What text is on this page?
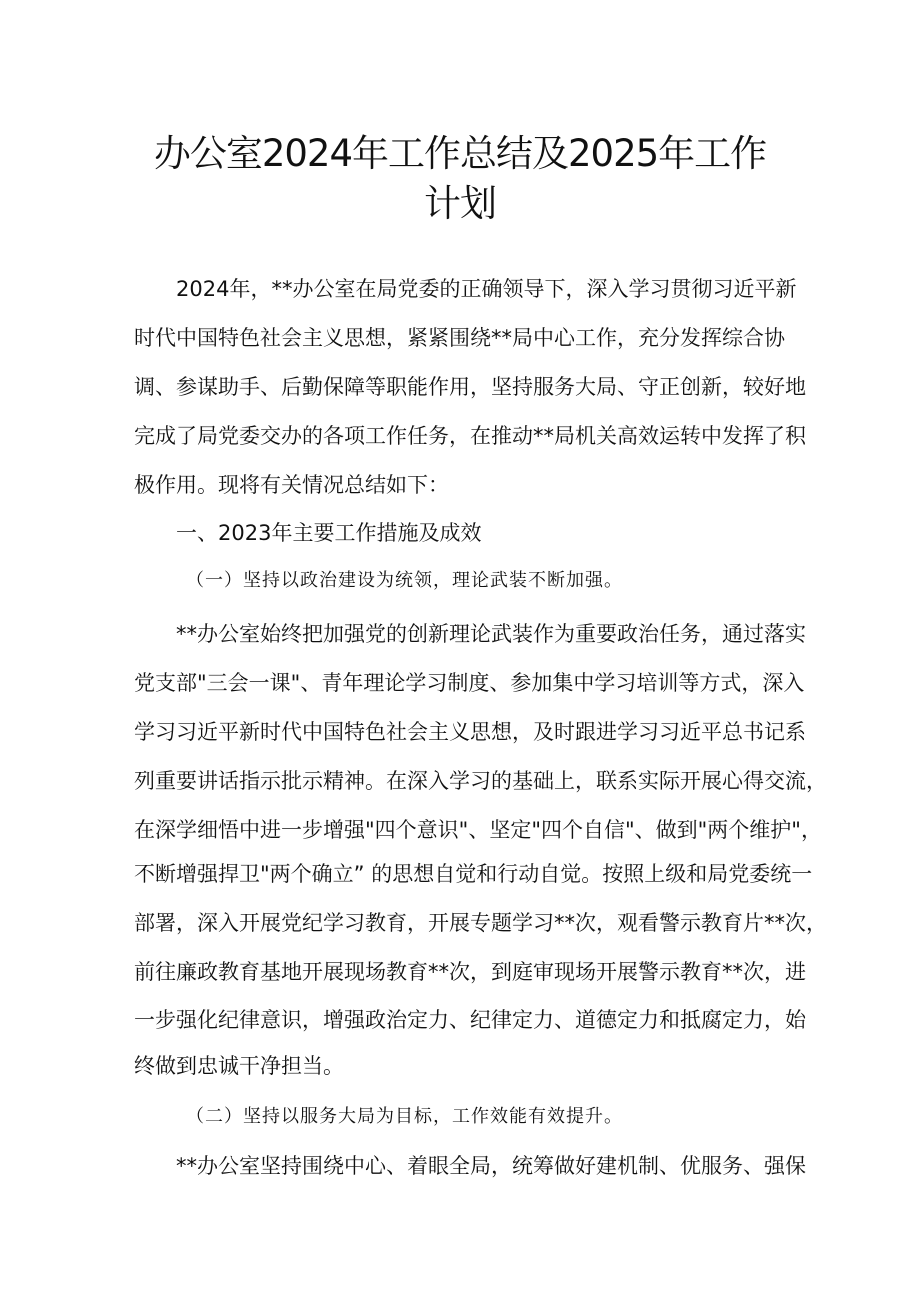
办公室2024年工作总结及2025年工作
计划
2024年，**办公室在局党委的正确领导下，深入学习贯彻习近平新
时代中国特色社会主义思想，紧紧围绕**局中心工作，充分发挥综合协
调、参谋助手、后勤保障等职能作用，坚持服务大局、守正创新，较好地
完成了局党委交办的各项工作任务，在推动**局机关高效运转中发挥了积
极作用。现将有关情况总结如下：
一、2023年主要工作措施及成效
（一）坚持以政治建设为统领，理论武装不断加强。
**办公室始终把加强党的创新理论武装作为重要政治任务，通过落实
党支部"三会一课"、青年理论学习制度、参加集中学习培训等方式，深入
学习习近平新时代中国特色社会主义思想，及时跟进学习习近平总书记系
列重要讲话指示批示精神。在深入学习的基础上，联系实际开展心得交流，
在深学细悟中进一步增强"四个意识"、坚定"四个自信"、做到"两个维护"，
不断增强捍卫"两个确立” 的思想自觉和行动自觉。按照上级和局党委统一
部署，深入开展党纪学习教育，开展专题学习**次，观看警示教育片**次，
前往廉政教育基地开展现场教育**次，到庭审现场开展警示教育**次，进
一步强化纪律意识，增强政治定力、纪律定力、道德定力和抵腐定力，始
终做到忠诚干净担当。
（二）坚持以服务大局为目标，工作效能有效提升。
**办公室坚持围绕中心、着眼全局，统筹做好建机制、优服务、强保
